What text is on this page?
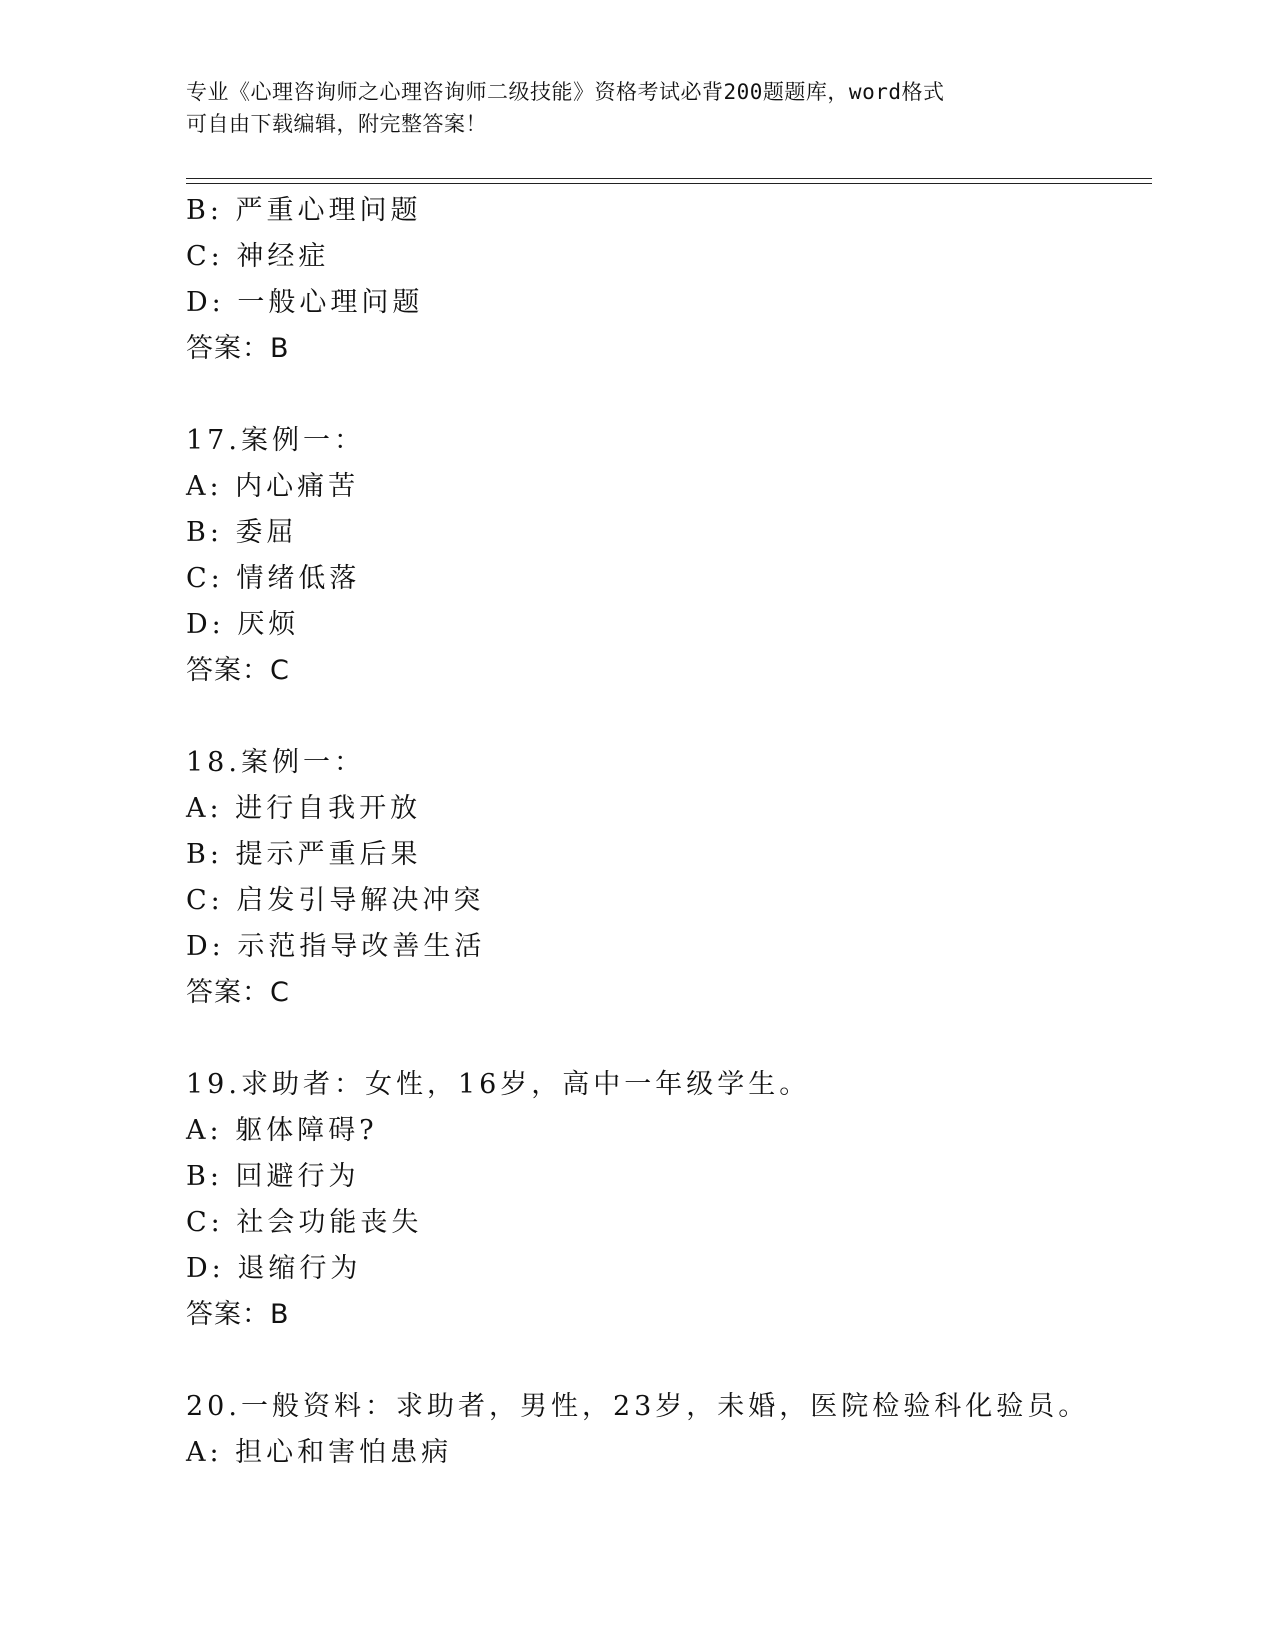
专业《心理咨询师之心理咨询师二级技能》资格考试必背200题题库，word格式
可自由下载编辑，附完整答案！
B: 严重心理问题
C: 神经症
D: 一般心理问题
答案：B
17.案例一：
A: 内心痛苦
B: 委屈
C: 情绪低落
D: 厌烦
答案：C
18.案例一：
A: 进行自我开放
B: 提示严重后果
C: 启发引导解决冲突
D: 示范指导改善生活
答案：C
19.求助者：女性，16岁，高中一年级学生。
A: 躯体障碍?
B: 回避行为
C: 社会功能丧失
D: 退缩行为
答案：B
20.一般资料：求助者，男性，23岁，未婚，医院检验科化验员。
A: 担心和害怕患病
